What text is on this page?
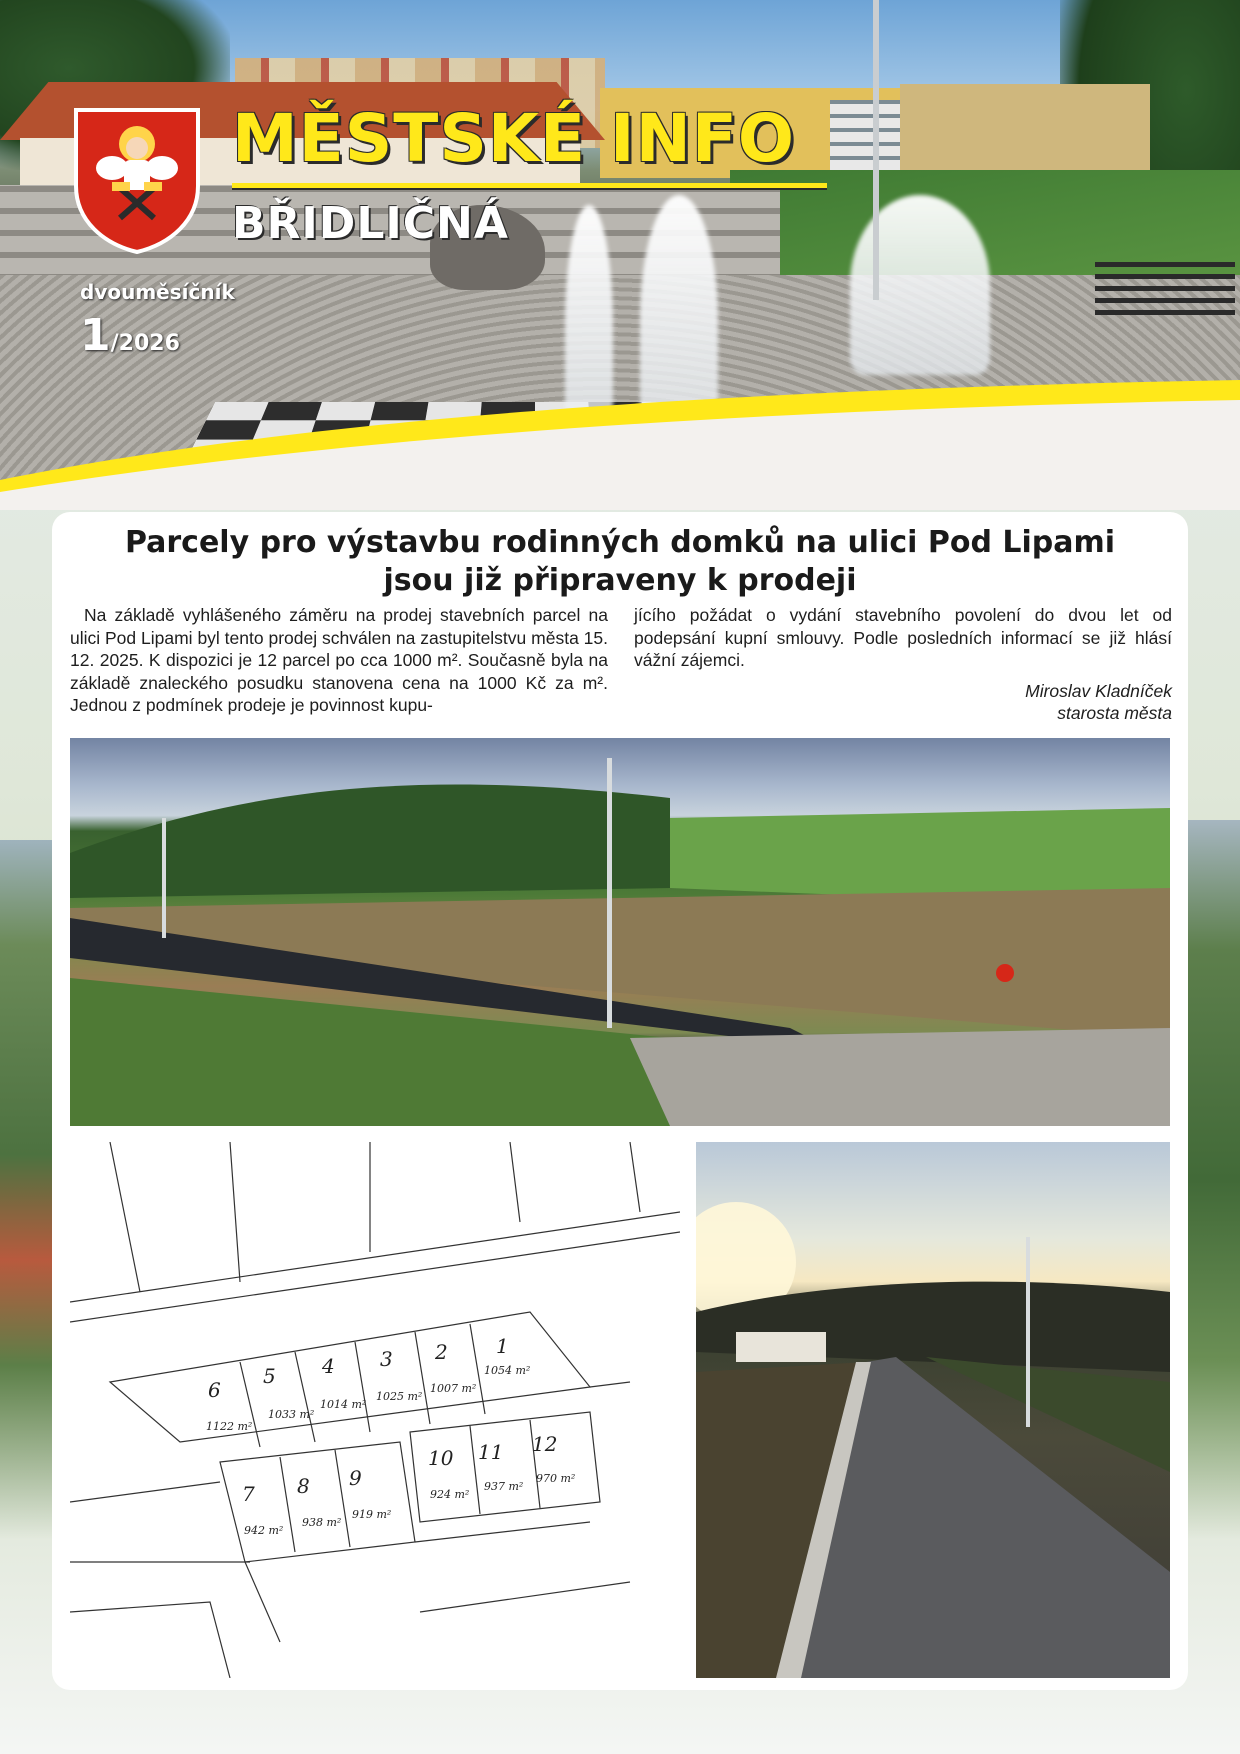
MĚSTSKÉ INFO
BŘIDLIČNÁ
dvouměsíčník
1/2026
Parcely pro výstavbu rodinných domků na ulici Pod Lipami
jsou již připraveny k prodeji
Na základě vyhlášeného záměru na prodej stavebních parcel na ulici Pod Lipami byl tento prodej schválen na zastupitelstvu města 15. 12. 2025. K dispozici je 12 parcel po cca 1000 m². Současně byla na základě znaleckého posudku stanovena cena na 1000 Kč za m². Jednou z podmínek prodeje je povinnost kupu-
jícího požádat o vydání stavebního povolení do dvou let od podepsání kupní smlouvy. Podle posledních informací se již hlásí vážní zájemci.
Miroslav Kladníček
starosta města
1
1054 m²
2
1007 m²
3
1025 m²
4
1014 m²
5
1033 m²
6
1122 m²
7
942 m²
8
938 m²
9
919 m²
10
924 m²
11
937 m²
12
970 m²
